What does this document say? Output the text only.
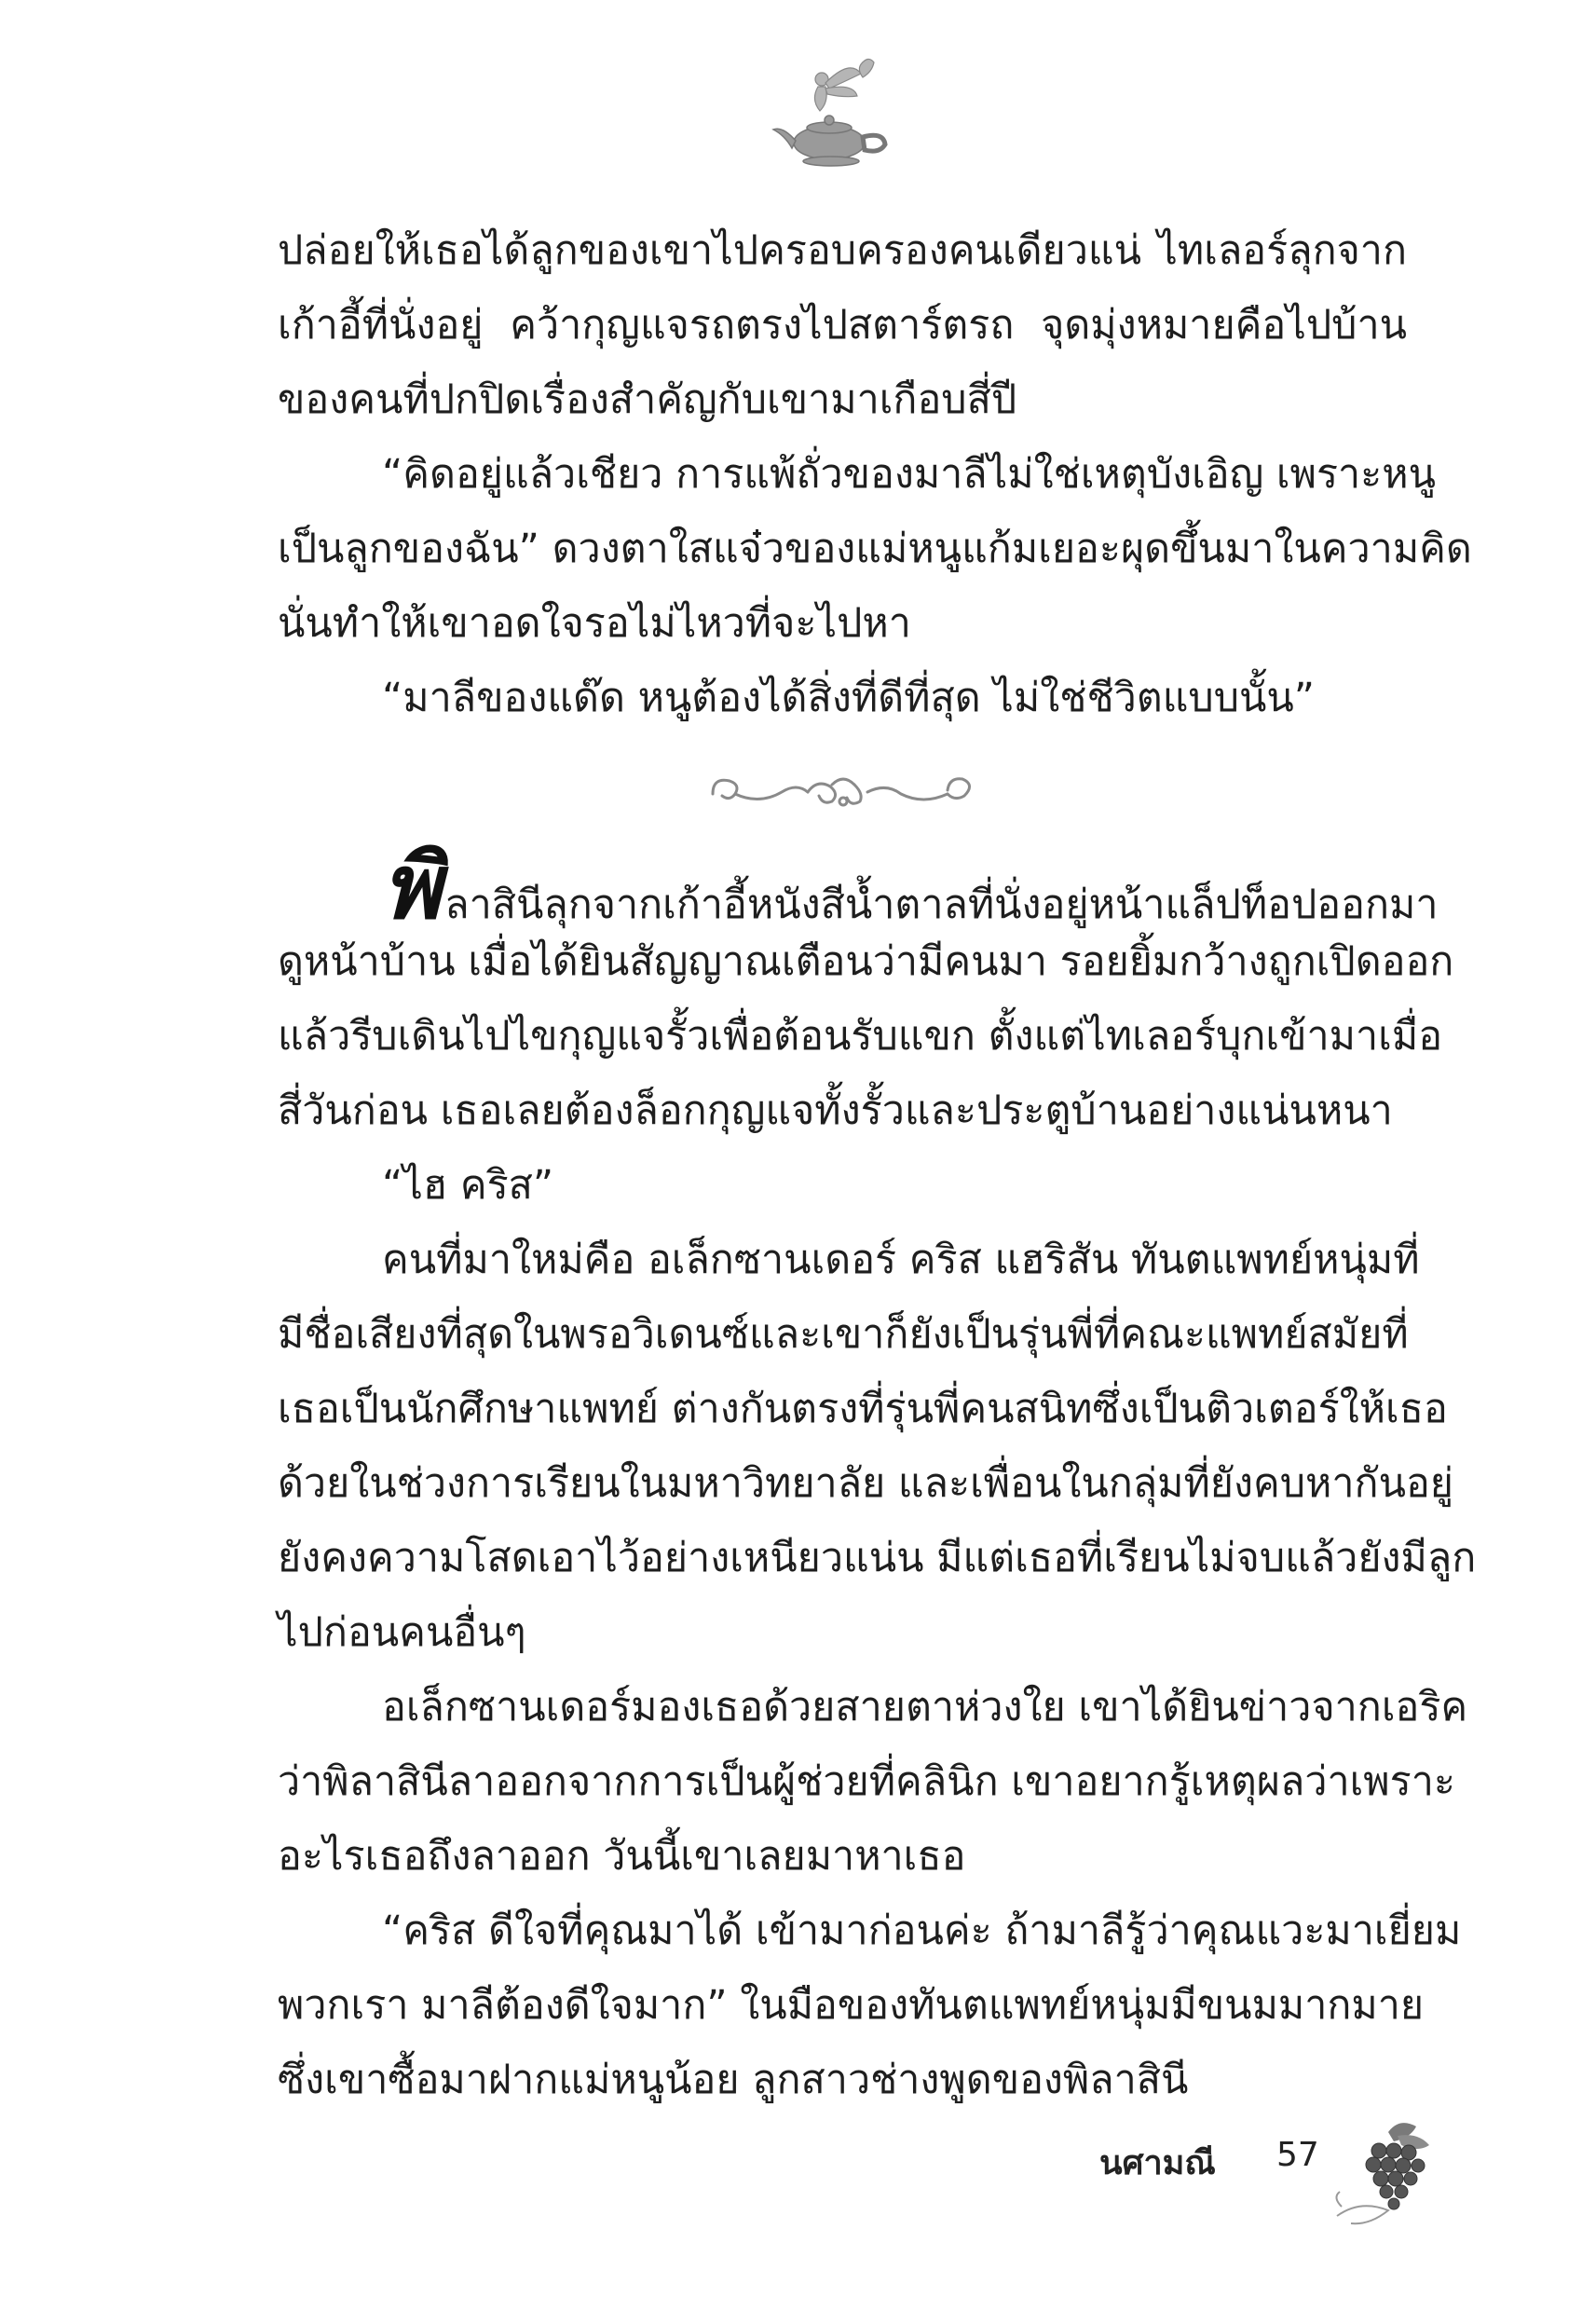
ปล่อยให้เธอได้ลูกของเขาไปครอบครองคนเดียวแน่ ไทเลอร์ลุกจาก
เก้าอี้ที่นั่งอยู่ คว้ากุญแจรถตรงไปสตาร์ตรถ จุดมุ่งหมายคือไปบ้าน
ของคนที่ปกปิดเรื่องสำคัญกับเขามาเกือบสี่ปี
“คิดอยู่แล้วเชียว การแพ้ถั่วของมาลีไม่ใช่เหตุบังเอิญ เพราะหนู
เป็นลูกของฉัน” ดวงตาใสแจ๋วของแม่หนูแก้มเยอะผุดขึ้นมาในความคิด
นั่นทำให้เขาอดใจรอไม่ไหวที่จะไปหา
“มาลีของแด๊ด หนูต้องได้สิ่งที่ดีที่สุด ไม่ใช่ชีวิตแบบนั้น”
พิลาสินีลุกจากเก้าอี้หนังสีน้ำตาลที่นั่งอยู่หน้าแล็ปท็อปออกมา
ดูหน้าบ้าน เมื่อได้ยินสัญญาณเตือนว่ามีคนมา รอยยิ้มกว้างถูกเปิดออก
แล้วรีบเดินไปไขกุญแจรั้วเพื่อต้อนรับแขก ตั้งแต่ไทเลอร์บุกเข้ามาเมื่อ
สี่วันก่อน เธอเลยต้องล็อกกุญแจทั้งรั้วและประตูบ้านอย่างแน่นหนา
“ไฮ คริส”
คนที่มาใหม่คือ อเล็กซานเดอร์ คริส แฮริสัน ทันตแพทย์หนุ่มที่
มีชื่อเสียงที่สุดในพรอวิเดนซ์และเขาก็ยังเป็นรุ่นพี่ที่คณะแพทย์สมัยที่
เธอเป็นนักศึกษาแพทย์ ต่างกันตรงที่รุ่นพี่คนสนิทซึ่งเป็นติวเตอร์ให้เธอ
ด้วยในช่วงการเรียนในมหาวิทยาลัย และเพื่อนในกลุ่มที่ยังคบหากันอยู่
ยังคงความโสดเอาไว้อย่างเหนียวแน่น มีแต่เธอที่เรียนไม่จบแล้วยังมีลูก
ไปก่อนคนอื่นๆ
อเล็กซานเดอร์มองเธอด้วยสายตาห่วงใย เขาได้ยินข่าวจากเอริค
ว่าพิลาสินีลาออกจากการเป็นผู้ช่วยที่คลินิก เขาอยากรู้เหตุผลว่าเพราะ
อะไรเธอถึงลาออก วันนี้เขาเลยมาหาเธอ
“คริส ดีใจที่คุณมาได้ เข้ามาก่อนค่ะ ถ้ามาลีรู้ว่าคุณแวะมาเยี่ยม
พวกเรา มาลีต้องดีใจมาก” ในมือของทันตแพทย์หนุ่มมีขนมมากมาย
ซึ่งเขาซื้อมาฝากแม่หนูน้อย ลูกสาวช่างพูดของพิลาสินี
นศามณี 57
